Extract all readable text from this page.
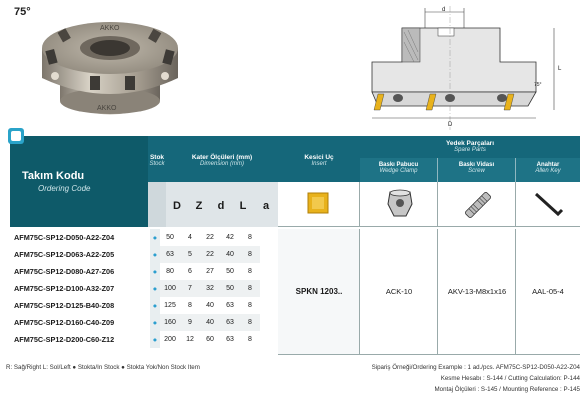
75°
AKKO
AKKO
d
D
L
75°
Takım Kodu
Ordering Code
Stok
Stock
Kater Ölçüleri (mm)
Dimension (mm)
D	Z	d	L	a
Kesici Uç
Insert
Yedek Parçaları
Spare Parts
Baskı Pabucu
Wedge Clamp
Baskı Vidası
Screw
Anahtar
Allen Key
AFM75C-SP12-D050-A22-Z04	●	50	4	22	42	8
AFM75C-SP12-D063-A22-Z05	●	63	5	22	40	8
AFM75C-SP12-D080-A27-Z06	●	80	6	27	50	8
AFM75C-SP12-D100-A32-Z07	●	100	7	32	50	8
AFM75C-SP12-D125-B40-Z08	●	125	8	40	63	8
AFM75C-SP12-D160-C40-Z09	●	160	9	40	63	8
AFM75C-SP12-D200-C60-Z12	●	200	12	60	63	8
SPKN 1203..	ACK-10	AKV-13-M8x1x16	AAL-05-4
R: Sağ/Right L: Sol/Left ● Stokta/In Stock ● Stokta Yok/Non Stock Item	Sipariş Örneği/Ordering Example : 1 ad./pcs. AFM75C-SP12-D050-A22-Z04
Kesme Hesabı : S-144 / Cutting Calculation: P-144
Montaj Ölçüleri : S-145 / Mounting Reference : P-145
